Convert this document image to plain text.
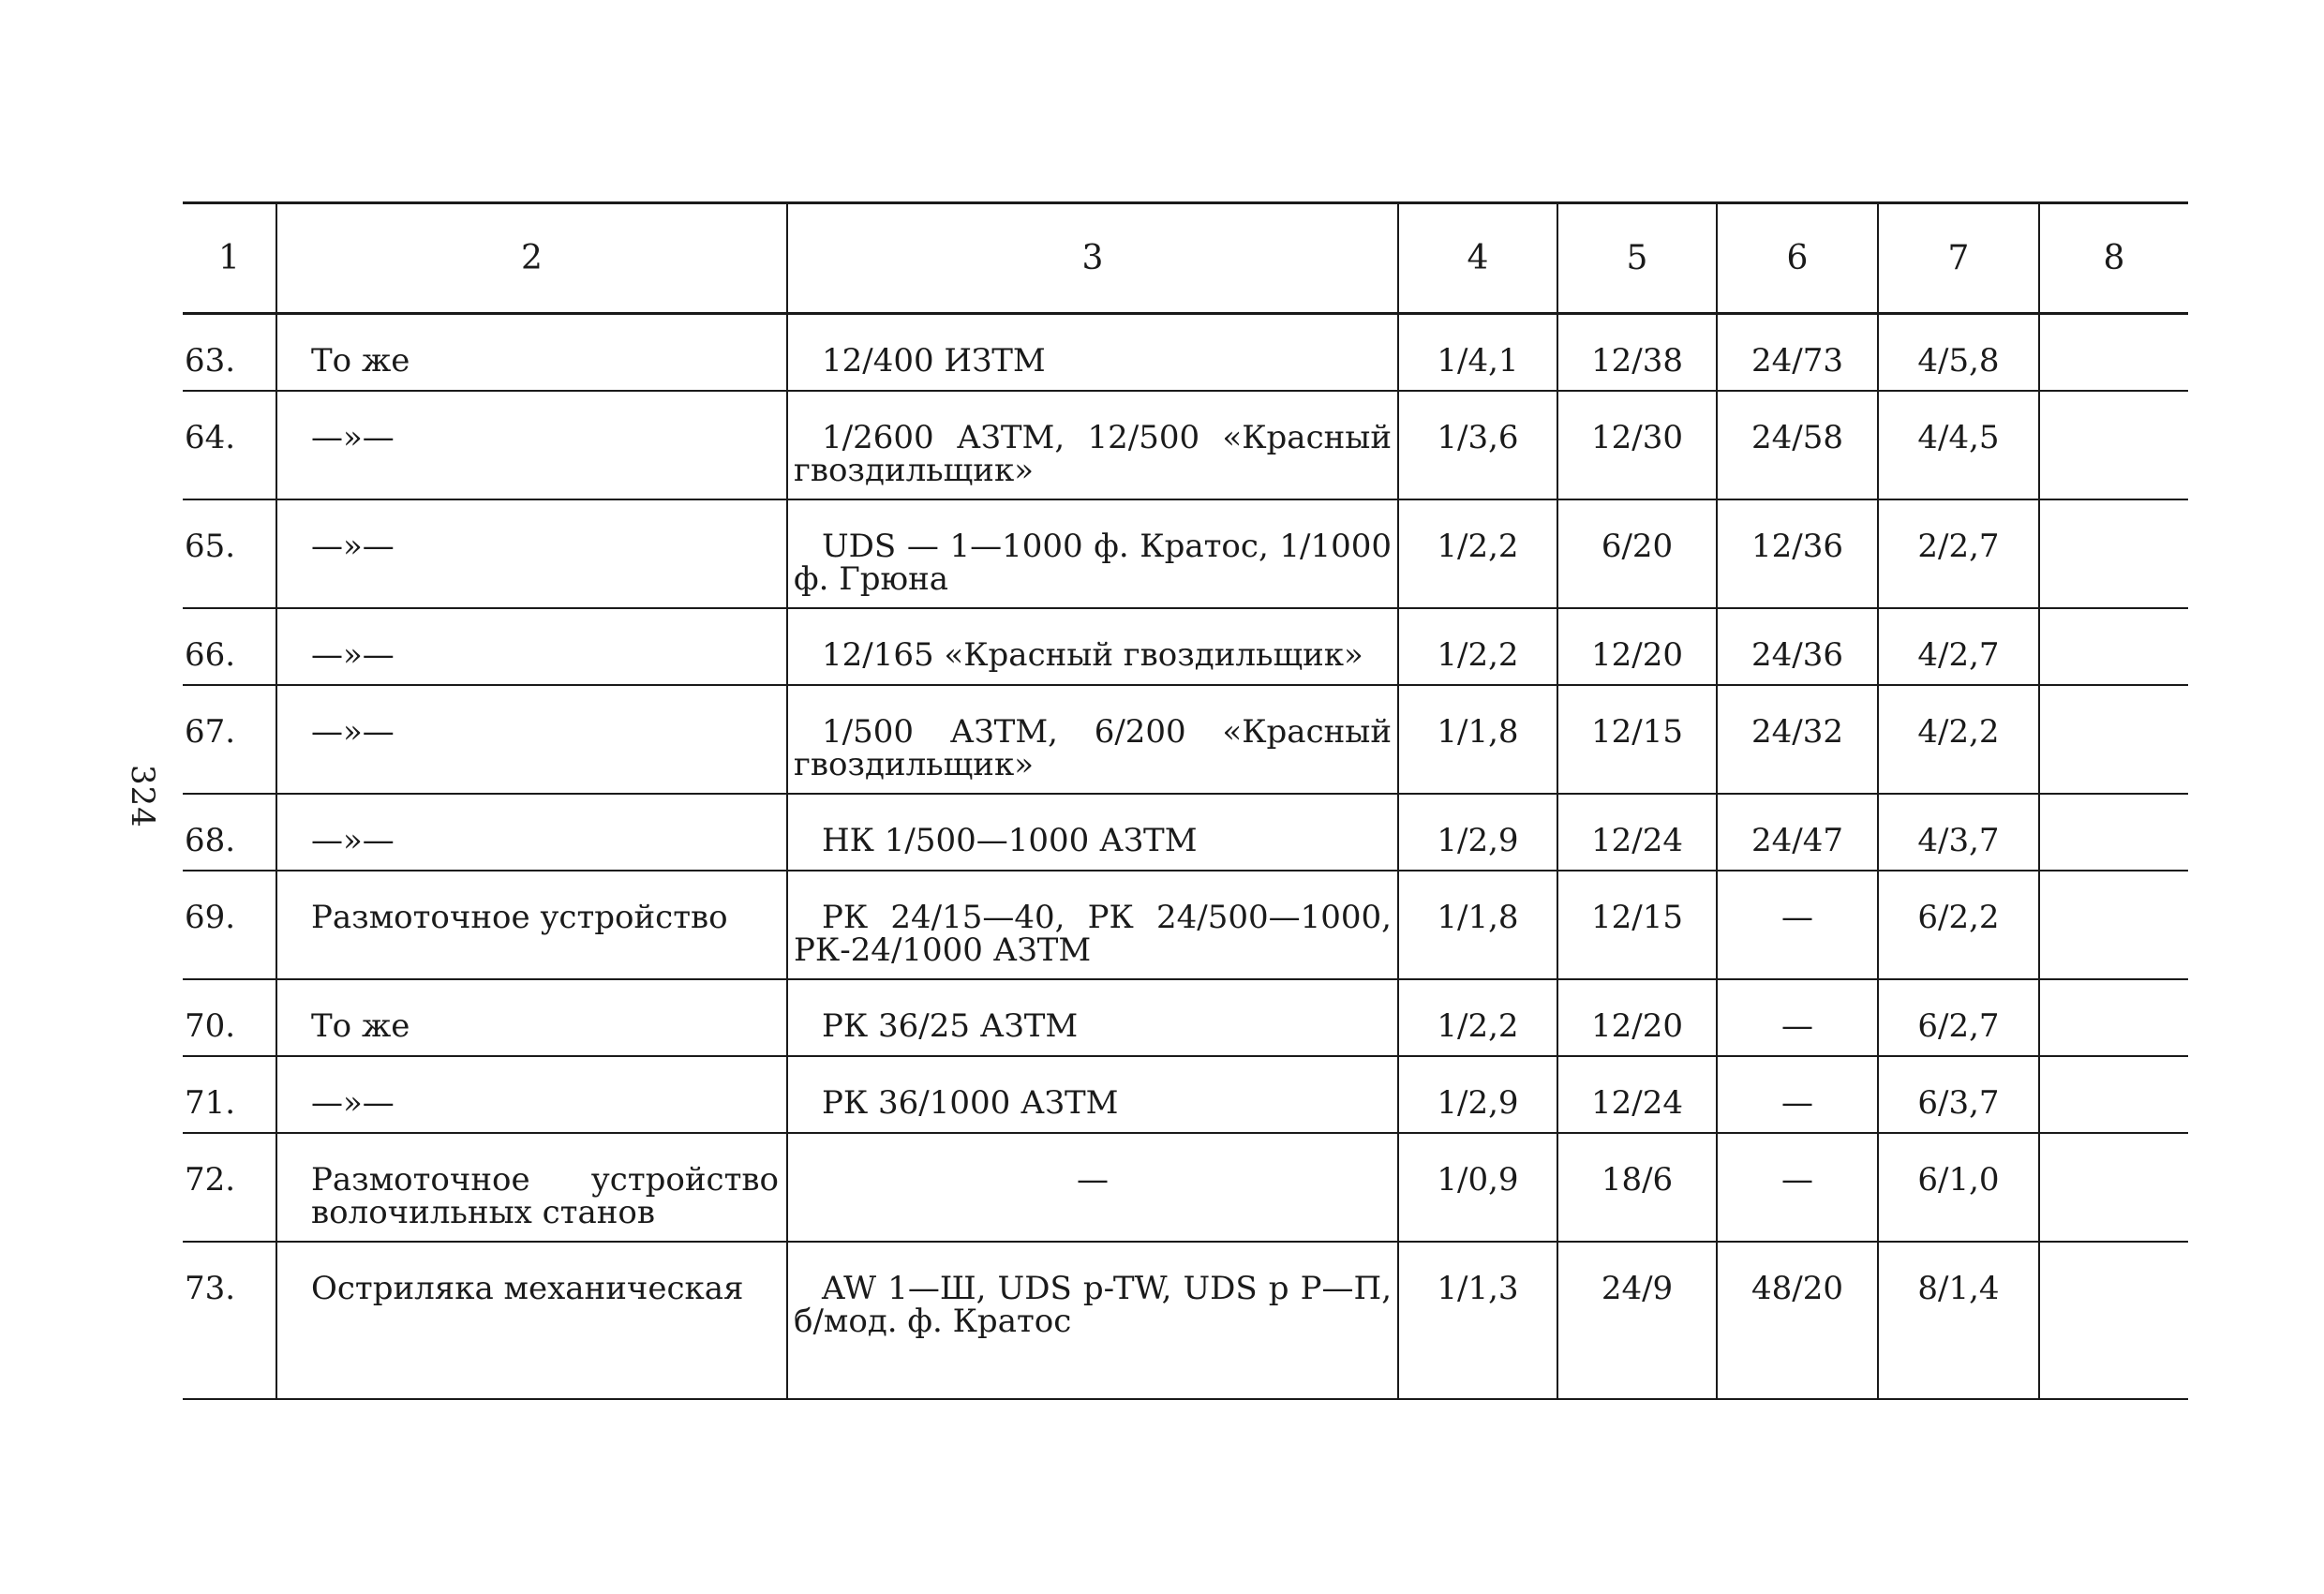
324
1	2	3	4	5	6	7	8
63.	То же	12/400 ИЗТМ	1/4,1	12/38	24/73	4/5,8	
64.	—»—	1/2600 АЗТМ, 12/500 «Красный гвоздильщик»	1/3,6	12/30	24/58	4/4,5	
65.	—»—	UDS — 1—1000 ф. Кратос, 1/1000 ф. Грюна	1/2,2	6/20	12/36	2/2,7	
66.	—»—	12/165 «Красный гвоздильщик»	1/2,2	12/20	24/36	4/2,7	
67.	—»—	1/500 АЗТМ, 6/200 «Красный гвоздильщик»	1/1,8	12/15	24/32	4/2,2	
68.	—»—	НК 1/500—1000 АЗТМ	1/2,9	12/24	24/47	4/3,7	
69.	Размоточное устройство	РК 24/15—40, РК 24/500—1000, РК-24/1000 АЗТМ	1/1,8	12/15	—	6/2,2	
70.	То же	РК 36/25 АЗТМ	1/2,2	12/20	—	6/2,7	
71.	—»—	РК 36/1000 АЗТМ	1/2,9	12/24	—	6/3,7	
72.	Размоточное устройство волочильных станов	—	1/0,9	18/6	—	6/1,0	
73.	Остриляка механическая	AW 1—Ш, UDS p-TW, UDS p Р—П, б/мод. ф. Кратос	1/1,3	24/9	48/20	8/1,4	
